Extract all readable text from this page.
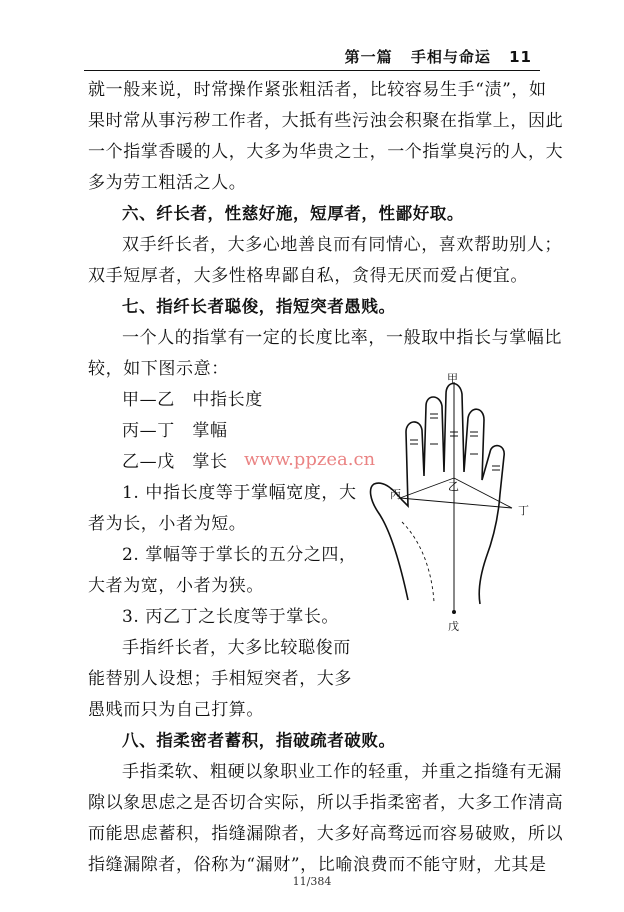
第一篇 手相与命运 11
就一般来说，时常操作紧张粗活者，比较容易生手“渍”，如
果时常从事污秽工作者，大抵有些污浊会积聚在指掌上，因此
一个指掌香暖的人，大多为华贵之士，一个指掌臭污的人，大
多为劳工粗活之人。
六、纤长者，性慈好施，短厚者，性鄙好取。
双手纤长者，大多心地善良而有同情心，喜欢帮助别人；
双手短厚者，大多性格卑鄙自私，贪得无厌而爱占便宜。
七、指纤长者聪俊，指短突者愚贱。
一个人的指掌有一定的长度比率，一般取中指长与掌幅比
较，如下图示意：
甲—乙　中指长度
丙—丁　掌幅
乙—戊　掌长
1. 中指长度等于掌幅宽度，大
者为长，小者为短。
2. 掌幅等于掌长的五分之四，
大者为宽，小者为狭。
3. 丙乙丁之长度等于掌长。
手指纤长者，大多比较聪俊而
能替别人设想；手相短突者，大多
愚贱而只为自己打算。
八、指柔密者蓄积，指破疏者破败。
手指柔软、粗硬以象职业工作的轻重，并重之指缝有无漏
隙以象思虑之是否切合实际，所以手指柔密者，大多工作清高
而能思虑蓄积，指缝漏隙者，大多好高骛远而容易破败，所以
指缝漏隙者，俗称为“漏财”，比喻浪费而不能守财，尤其是
甲
乙
丙
丁
戊
www.ppzea.cn
11/384
